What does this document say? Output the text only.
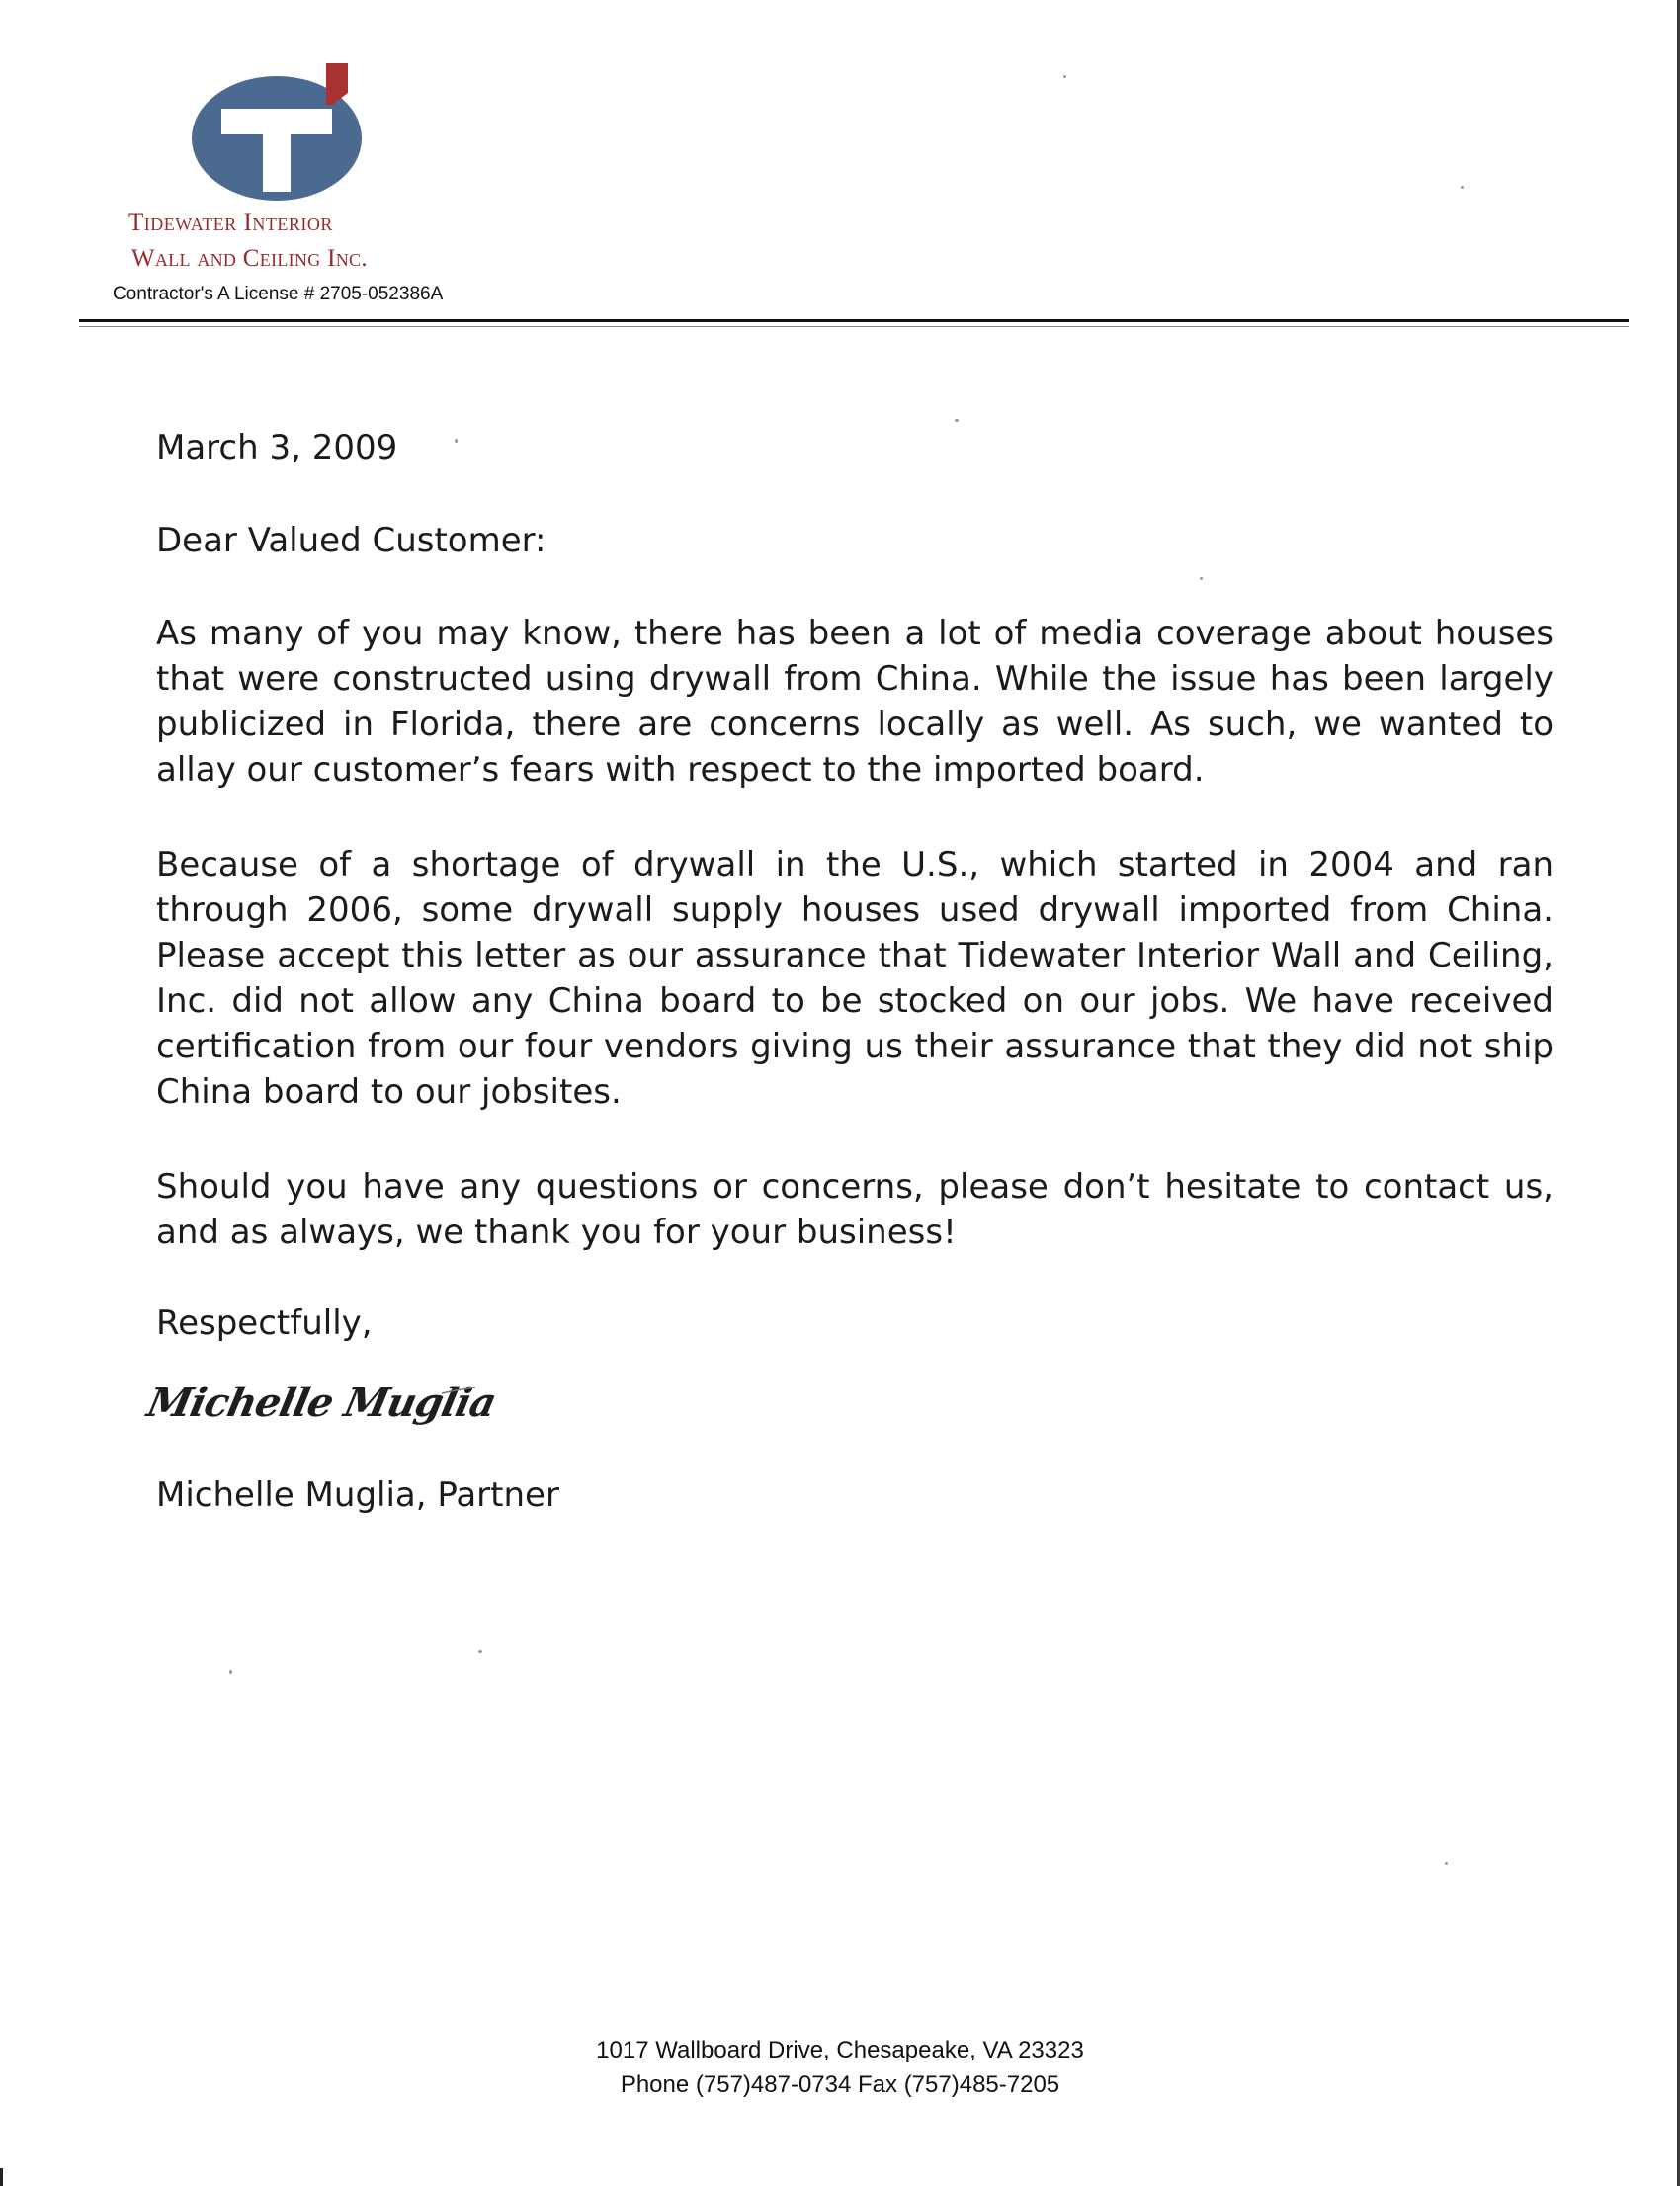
Tidewater Interior
Wall and Ceiling Inc.
Contractor's A License # 2705-052386A
March 3, 2009
Dear Valued Customer:
As many of you may know, there has been a lot of media coverage about houses that were constructed using drywall from China. While the issue has been largely publicized in Florida, there are concerns locally as well. As such, we wanted to allay our customer’s fears with respect to the imported board.
Because of a shortage of drywall in the U.S., which started in 2004 and ran through 2006, some drywall supply houses used drywall imported from China. Please accept this letter as our assurance that Tidewater Interior Wall and Ceiling, Inc. did not allow any China board to be stocked on our jobs. We have received certification from our four vendors giving us their assurance that they did not ship China board to our jobsites.
Should you have any questions or concerns, please don’t hesitate to contact us, and as always, we thank you for your business!
Respectfully,
Michelle Muglia
Michelle Muglia, Partner
1017 Wallboard Drive, Chesapeake, VA 23323
Phone (757)487-0734 Fax (757)485-7205
